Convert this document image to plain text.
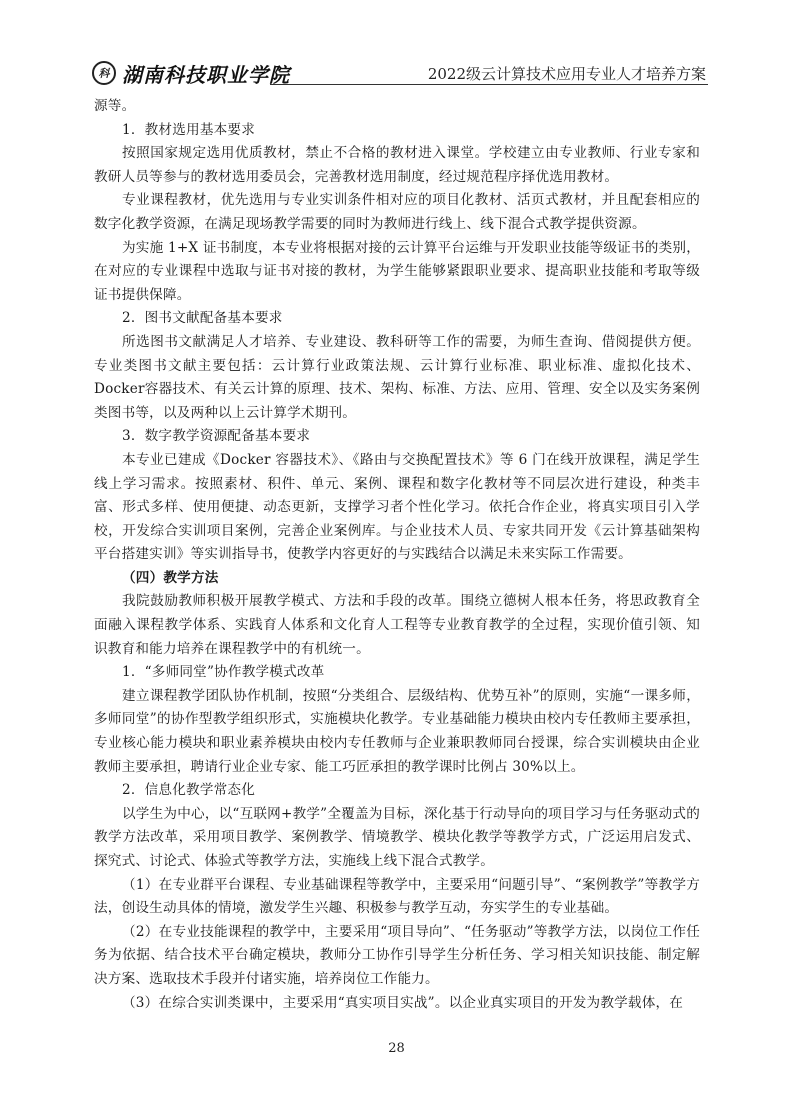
科 湖南科技职业学院	2022级云计算技术应用专业人才培养方案

源等。

1．教材选用基本要求

按照国家规定选用优质教材，禁止不合格的教材进入课堂。学校建立由专业教师、行业专家和教研人员等参与的教材选用委员会，完善教材选用制度，经过规范程序择优选用教材。

专业课程教材，优先选用与专业实训条件相对应的项目化教材、活页式教材，并且配套相应的数字化教学资源，在满足现场教学需要的同时为教师进行线上、线下混合式教学提供资源。

为实施 1+X 证书制度，本专业将根据对接的云计算平台运维与开发职业技能等级证书的类别，在对应的专业课程中选取与证书对接的教材，为学生能够紧跟职业要求、提高职业技能和考取等级证书提供保障。

2．图书文献配备基本要求

所选图书文献满足人才培养、专业建设、教科研等工作的需要，为师生查询、借阅提供方便。专业类图书文献主要包括：云计算行业政策法规、云计算行业标准、职业标准、虚拟化技术、Docker容器技术、有关云计算的原理、技术、架构、标准、方法、应用、管理、安全以及实务案例类图书等，以及两种以上云计算学术期刊。

3．数字教学资源配备基本要求

本专业已建成《Docker 容器技术》、《路由与交换配置技术》等 6 门在线开放课程，满足学生线上学习需求。按照素材、积件、单元、案例、课程和数字化教材等不同层次进行建设，种类丰富、形式多样、使用便捷、动态更新，支撑学习者个性化学习。依托合作企业，将真实项目引入学校，开发综合实训项目案例，完善企业案例库。与企业技术人员、专家共同开发《云计算基础架构平台搭建实训》等实训指导书，使教学内容更好的与实践结合以满足未来实际工作需要。

（四）教学方法

我院鼓励教师积极开展教学模式、方法和手段的改革。围绕立德树人根本任务，将思政教育全面融入课程教学体系、实践育人体系和文化育人工程等专业教育教学的全过程，实现价值引领、知识教育和能力培养在课程教学中的有机统一。

1．“多师同堂”协作教学模式改革

建立课程教学团队协作机制，按照“分类组合、层级结构、优势互补”的原则，实施“一课多师，多师同堂”的协作型教学组织形式，实施模块化教学。专业基础能力模块由校内专任教师主要承担，专业核心能力模块和职业素养模块由校内专任教师与企业兼职教师同台授课，综合实训模块由企业教师主要承担，聘请行业企业专家、能工巧匠承担的教学课时比例占 30%以上。

2．信息化教学常态化

以学生为中心，以“互联网+教学”全覆盖为目标，深化基于行动导向的项目学习与任务驱动式的教学方法改革，采用项目教学、案例教学、情境教学、模块化教学等教学方式，广泛运用启发式、探究式、讨论式、体验式等教学方法，实施线上线下混合式教学。

（1）在专业群平台课程、专业基础课程等教学中，主要采用“问题引导”、“案例教学”等教学方法，创设生动具体的情境，激发学生兴趣、积极参与教学互动，夯实学生的专业基础。

（2）在专业技能课程的教学中，主要采用“项目导向”、“任务驱动”等教学方法，以岗位工作任务为依据、结合技术平台确定模块，教师分工协作引导学生分析任务、学习相关知识技能、制定解决方案、选取技术手段并付诸实施，培养岗位工作能力。

（3）在综合实训类课中，主要采用“真实项目实战”。以企业真实项目的开发为教学载体，在

28
